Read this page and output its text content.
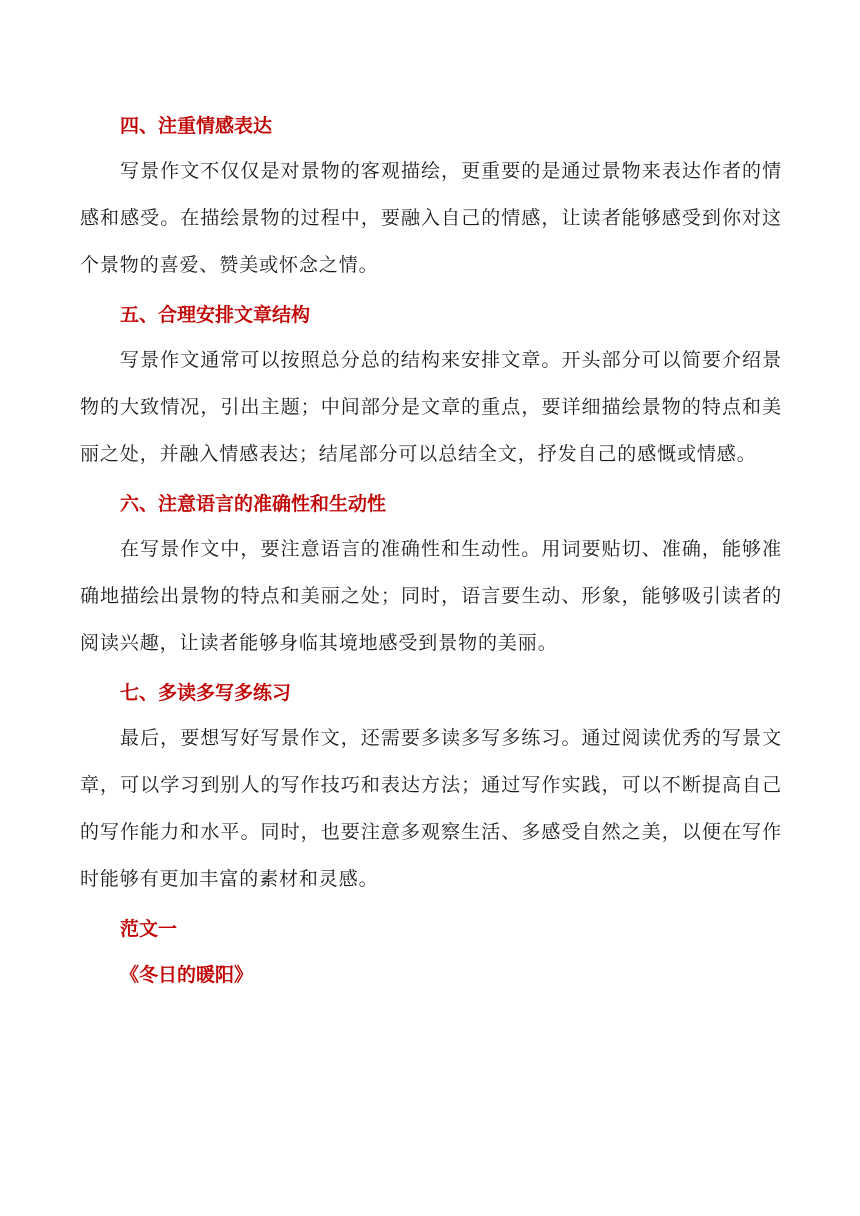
四、注重情感表达

写景作文不仅仅是对景物的客观描绘，更重要的是通过景物来表达作者的情感和感受。在描绘景物的过程中，要融入自己的情感，让读者能够感受到你对这个景物的喜爱、赞美或怀念之情。

五、合理安排文章结构

写景作文通常可以按照总分总的结构来安排文章。开头部分可以简要介绍景物的大致情况，引出主题；中间部分是文章的重点，要详细描绘景物的特点和美丽之处，并融入情感表达；结尾部分可以总结全文，抒发自己的感慨或情感。

六、注意语言的准确性和生动性

在写景作文中，要注意语言的准确性和生动性。用词要贴切、准确，能够准确地描绘出景物的特点和美丽之处；同时，语言要生动、形象，能够吸引读者的阅读兴趣，让读者能够身临其境地感受到景物的美丽。

七、多读多写多练习

最后，要想写好写景作文，还需要多读多写多练习。通过阅读优秀的写景文章，可以学习到别人的写作技巧和表达方法；通过写作实践，可以不断提高自己的写作能力和水平。同时，也要注意多观察生活、多感受自然之美，以便在写作时能够有更加丰富的素材和灵感。

范文一
《冬日的暖阳》
